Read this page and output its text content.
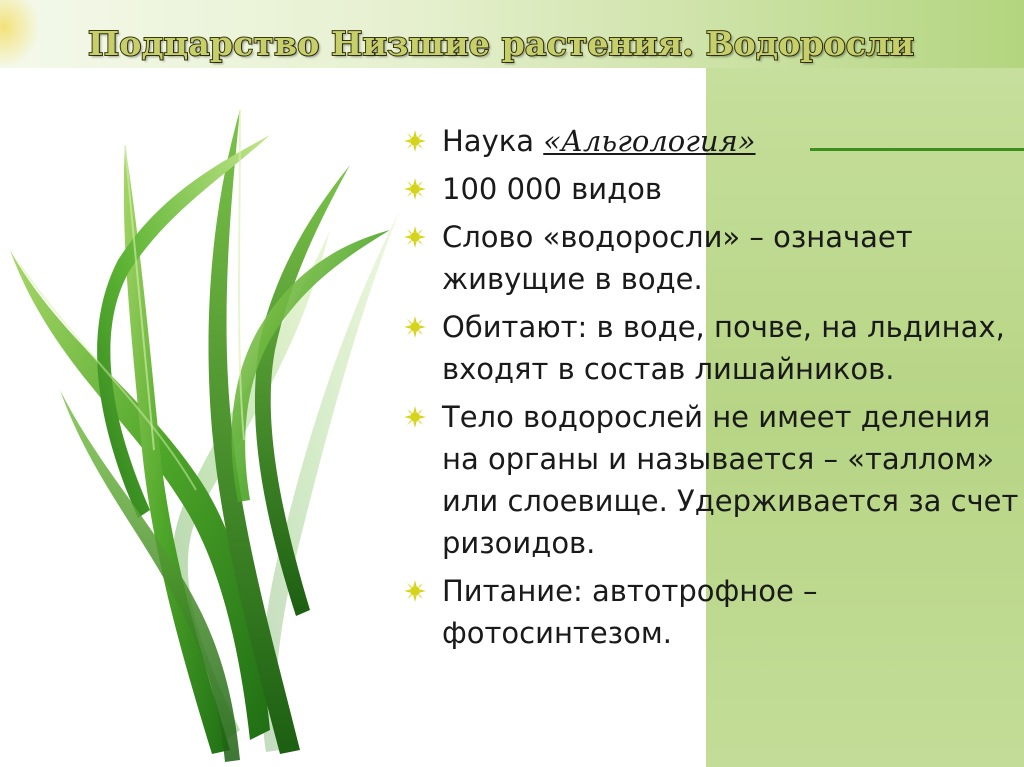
Подцарство Низшие растения. Водоросли
Наука «Альгология»
100 000 видов
Слово «водоросли» – означает живущие в воде.
Обитают: в воде, почве, на льдинах, входят в состав лишайников.
Тело водорослей не имеет деления на органы и называется – «таллом» или слоевище. Удерживается за счет ризоидов.
Питание: автотрофное – фотосинтезом.
